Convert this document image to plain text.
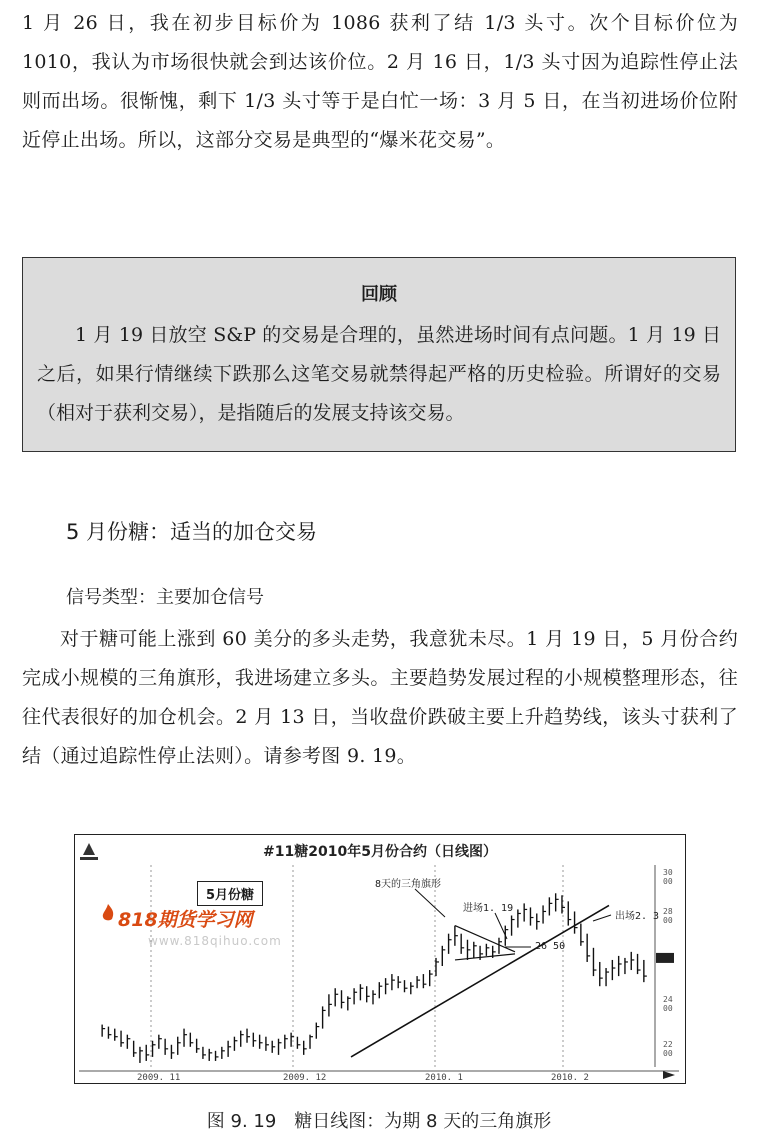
1 月 26 日，我在初步目标价为 1086 获利了结 1/3 头寸。次个目标价位为 1010，我认为市场很快就会到达该价位。2 月 16 日，1/3 头寸因为追踪性停止法则而出场。很惭愧，剩下 1/3 头寸等于是白忙一场：3 月 5 日，在当初进场价位附近停止出场。所以，这部分交易是典型的“爆米花交易”。

回顾

1 月 19 日放空 S&P 的交易是合理的，虽然进场时间有点问题。1 月 19 日之后，如果行情继续下跌那么这笔交易就禁得起严格的历史检验。所谓好的交易（相对于获利交易），是指随后的发展支持该交易。

5 月份糖：适当的加仓交易
信号类型：主要加仓信号

对于糖可能上涨到 60 美分的多头走势，我意犹未尽。1 月 19 日，5 月份合约完成小规模的三角旗形，我进场建立多头。主要趋势发展过程的小规模整理形态，往往代表很好的加仓机会。2 月 13 日，当收盘价跌破主要上升趋势线，该头寸获利了结（通过追踪性停止法则）。请参考图 9. 19。

#11糖2010年5月份合约（日线图）
5月份糖
8天的三角旗形
进场1. 19
26 50
出场2. 3
30 00
28 00
24 00
22 00
2009. 11	2009. 12	2010. 1	2010. 2
818期货学习网
www.818qihuo.com

图 9. 19　糖日线图：为期 8 天的三角旗形
